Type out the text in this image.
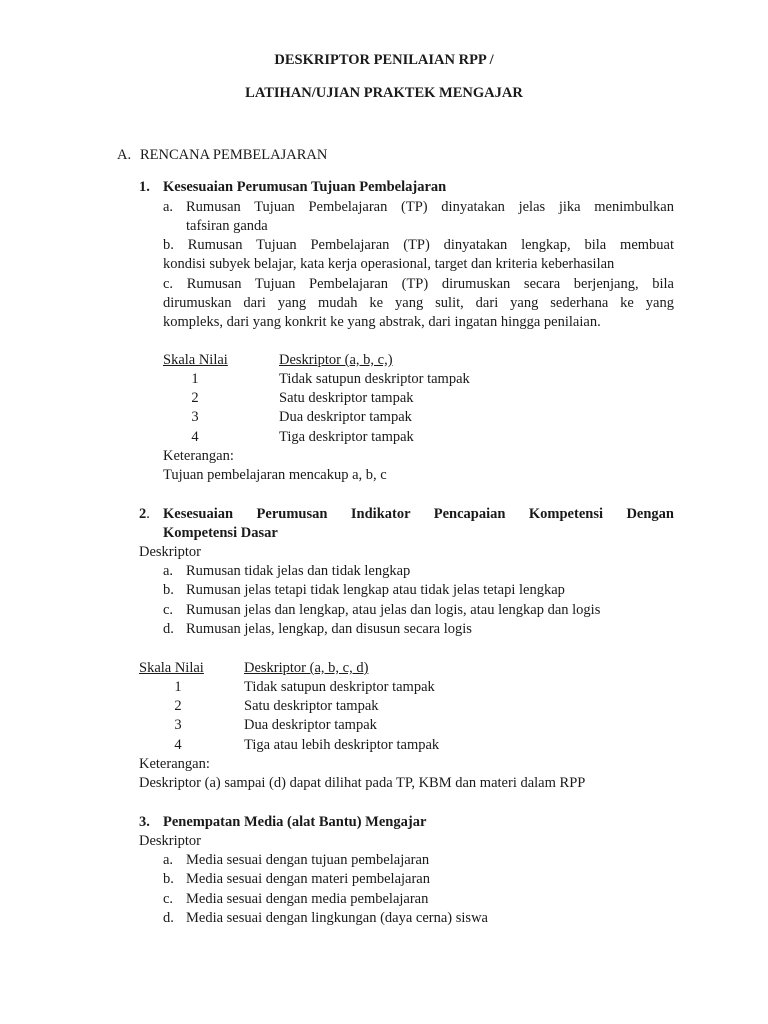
DESKRIPTOR PENILAIAN RPP /
LATIHAN/UJIAN PRAKTEK MENGAJAR
A. RENCANA PEMBELAJARAN
1. Kesesuaian Perumusan Tujuan Pembelajaran
a. Rumusan Tujuan Pembelajaran (TP) dinyatakan jelas jika menimbulkan
tafsiran ganda
b. Rumusan Tujuan Pembelajaran (TP) dinyatakan lengkap, bila membuat
kondisi subyek belajar, kata kerja operasional, target dan kriteria keberhasilan
c. Rumusan Tujuan Pembelajaran (TP) dirumuskan secara berjenjang, bila
dirumuskan dari yang mudah ke yang sulit, dari yang sederhana ke yang
kompleks, dari yang konkrit ke yang abstrak, dari ingatan hingga penilaian.
Skala Nilai	Deskriptor (a, b, c,)
1	Tidak satupun deskriptor tampak
2	Satu deskriptor tampak
3	Dua deskriptor tampak
4	Tiga deskriptor tampak
Keterangan:
Tujuan pembelajaran mencakup a, b, c
2. Kesesuaian Perumusan Indikator Pencapaian Kompetensi Dengan
Kompetensi Dasar
Deskriptor
a. Rumusan tidak jelas dan tidak lengkap
b. Rumusan jelas tetapi tidak lengkap atau tidak jelas tetapi lengkap
c. Rumusan jelas dan lengkap, atau jelas dan logis, atau lengkap dan logis
d. Rumusan jelas, lengkap, dan disusun secara logis
Skala Nilai	Deskriptor (a, b, c, d)
1	Tidak satupun deskriptor tampak
2	Satu deskriptor tampak
3	Dua deskriptor tampak
4	Tiga atau lebih deskriptor tampak
Keterangan:
Deskriptor (a) sampai (d) dapat dilihat pada TP, KBM dan materi dalam RPP
3. Penempatan Media (alat Bantu) Mengajar
Deskriptor
a. Media sesuai dengan tujuan pembelajaran
b. Media sesuai dengan materi pembelajaran
c. Media sesuai dengan media pembelajaran
d. Media sesuai dengan lingkungan (daya cerna) siswa
